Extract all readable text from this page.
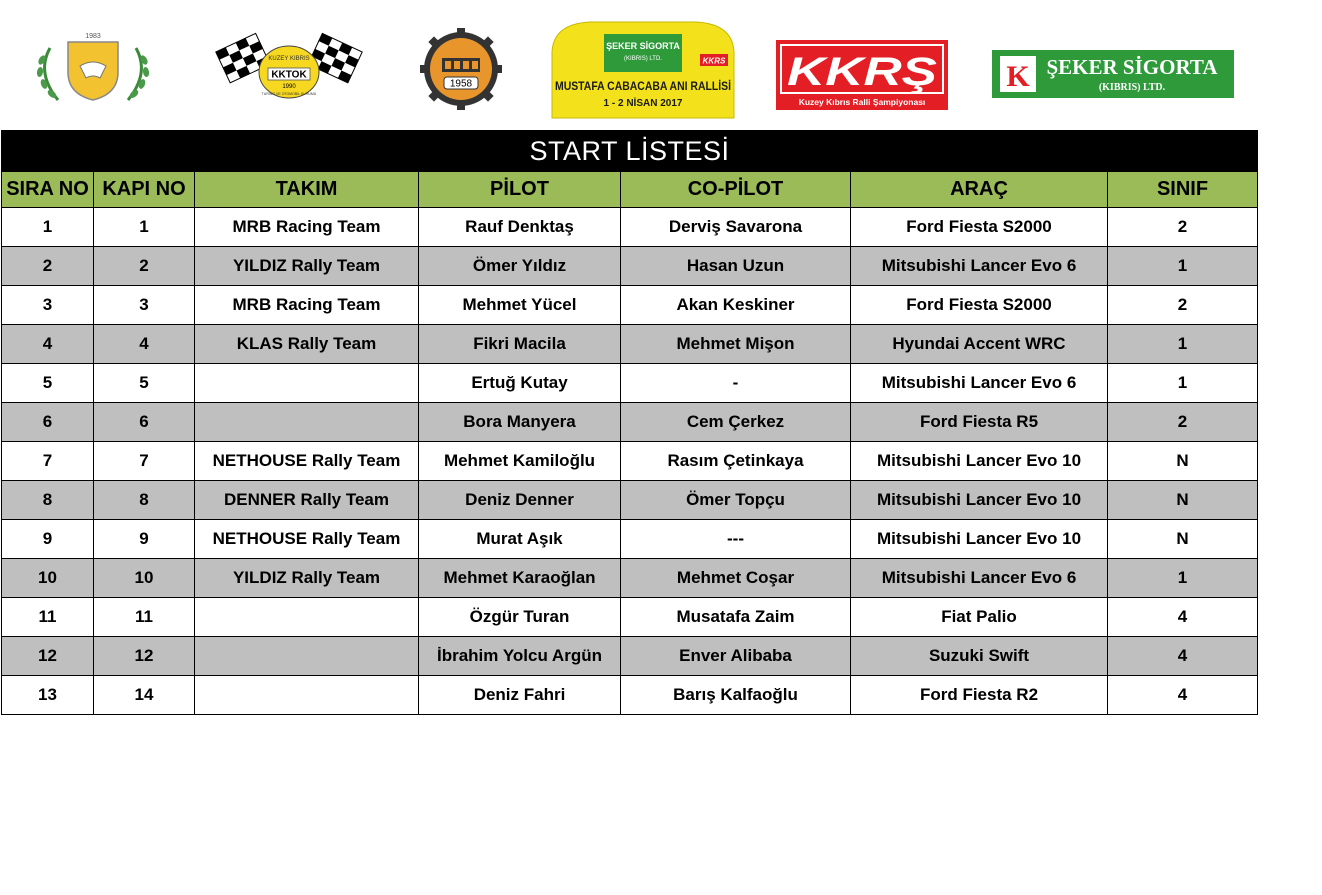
1983
KUZEY KIBRIS
KKTOK
1990
TURİNG VE OTOMOBİL KURUMU
1958
ŞEKER SİGORTA
(KIBRIS) LTD.	KKRS
MUSTAFA CABACABA ANI RALLİSİ
1 - 2 NİSAN 2017
KKRŞ
Kuzey Kıbrıs Ralli Şampiyonası
K ŞEKER SİGORTA
(KIBRIS) LTD.
START LİSTESİ						
SIRA NO	KAPI NO	TAKIM	PİLOT	CO-PİLOT	ARAÇ	SINIF
1	1	MRB Racing Team	Rauf Denktaş	Derviş Savarona	Ford Fiesta S2000	2
2	2	YILDIZ Rally Team	Ömer Yıldız	Hasan Uzun	Mitsubishi Lancer Evo 6	1
3	3	MRB Racing Team	Mehmet Yücel	Akan Keskiner	Ford Fiesta S2000	2
4	4	KLAS Rally Team	Fikri Macila	Mehmet Mişon	Hyundai Accent WRC	1
5	5		Ertuğ Kutay	-	Mitsubishi Lancer Evo 6	1
6	6		Bora Manyera	Cem Çerkez	Ford Fiesta R5	2
7	7	NETHOUSE Rally Team	Mehmet Kamiloğlu	Rasım Çetinkaya	Mitsubishi Lancer Evo 10	N
8	8	DENNER Rally Team	Deniz Denner	Ömer Topçu	Mitsubishi Lancer Evo 10	N
9	9	NETHOUSE Rally Team	Murat Aşık	---	Mitsubishi Lancer Evo 10	N
10	10	YILDIZ Rally Team	Mehmet Karaoğlan	Mehmet Coşar	Mitsubishi Lancer Evo 6	1
11	11		Özgür Turan	Musatafa Zaim	Fiat Palio	4
12	12		İbrahim Yolcu Argün	Enver Alibaba	Suzuki Swift	4
13	14		Deniz Fahri	Barış Kalfaoğlu	Ford Fiesta R2	4
